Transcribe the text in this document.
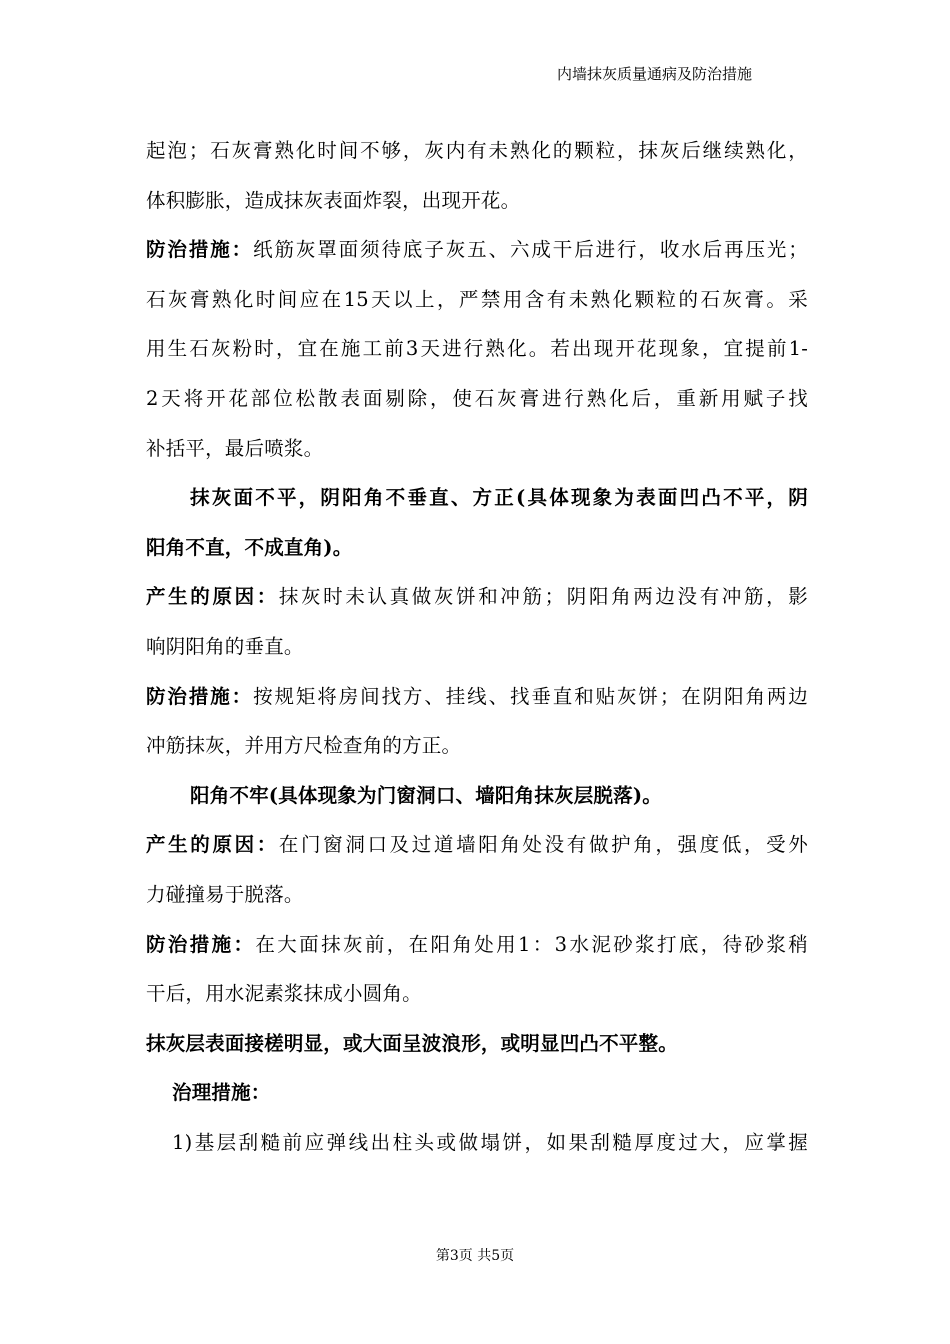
内墙抹灰质量通病及防治措施
起泡；石灰膏熟化时间不够，灰内有未熟化的颗粒，抹灰后继续熟化，
体积膨胀，造成抹灰表面炸裂，出现开花。
防治措施：纸筋灰罩面须待底子灰五、六成干后进行，收水后再压光；
石灰膏熟化时间应在15天以上，严禁用含有未熟化颗粒的石灰膏。采
用生石灰粉时，宜在施工前3天进行熟化。若出现开花现象，宜提前1-
2天将开花部位松散表面剔除，使石灰膏进行熟化后，重新用赋子找
补括平，最后喷浆。
抹灰面不平，阴阳角不垂直、方正(具体现象为表面凹凸不平，阴
阳角不直，不成直角)。
产生的原因：抹灰时未认真做灰饼和冲筋；阴阳角两边没有冲筋，影
响阴阳角的垂直。
防治措施：按规矩将房间找方、挂线、找垂直和贴灰饼；在阴阳角两边
冲筋抹灰，并用方尺检查角的方正。
阳角不牢(具体现象为门窗洞口、墙阳角抹灰层脱落)。
产生的原因：在门窗洞口及过道墙阳角处没有做护角，强度低，受外
力碰撞易于脱落。
防治措施：在大面抹灰前，在阳角处用1：3水泥砂浆打底，待砂浆稍
干后，用水泥素浆抹成小圆角。
抹灰层表面接槎明显，或大面呈波浪形，或明显凹凸不平整。
治理措施：
1)基层刮糙前应弹线出柱头或做塌饼，如果刮糙厚度过大，应掌握
第3页 共5页
